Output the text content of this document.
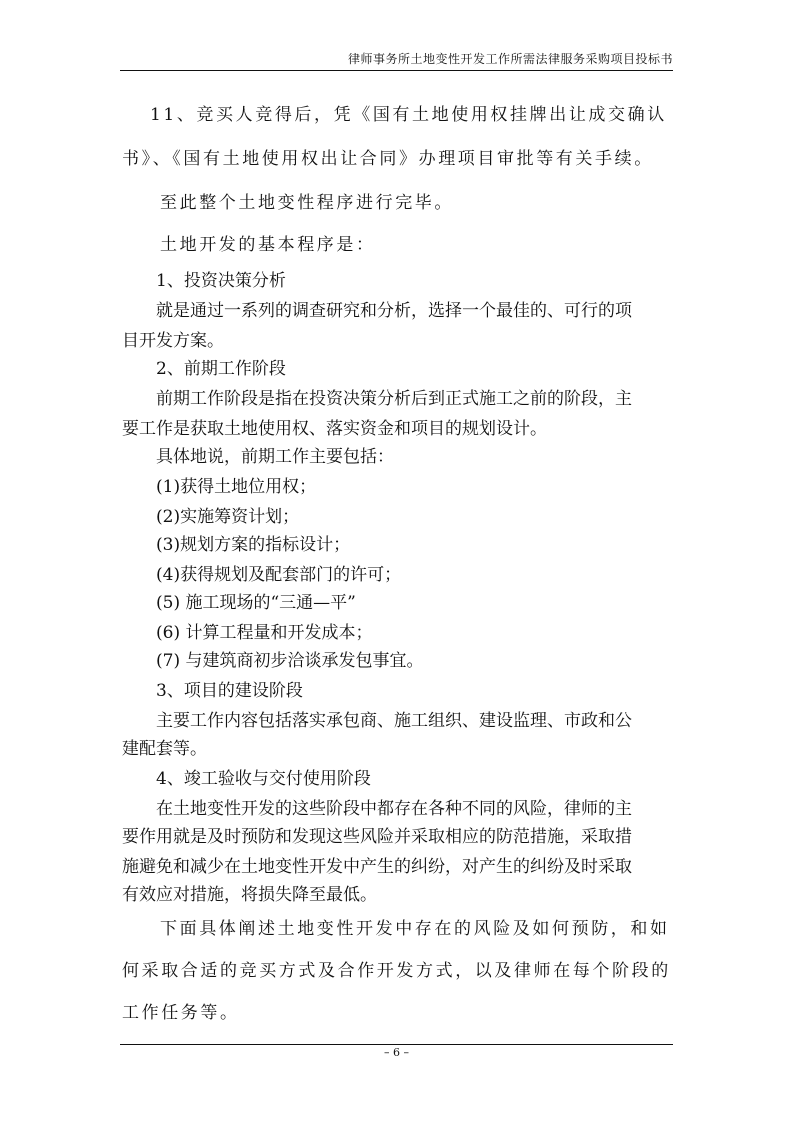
律师事务所土地变性开发工作所需法律服务采购项目投标书
11、竞买人竞得后，凭《国有土地使用权挂牌出让成交确认
书》、《国有土地使用权出让合同》办理项目审批等有关手续。
至此整个土地变性程序进行完毕。
土地开发的基本程序是：
1、投资决策分析
就是通过一系列的调查研究和分析，选择一个最佳的、可行的项
目开发方案。
2、前期工作阶段
前期工作阶段是指在投资决策分析后到正式施工之前的阶段，主
要工作是获取土地使用权、落实资金和项目的规划设计。
具体地说，前期工作主要包括：
(1)获得土地位用权；
(2)实施筹资计划；
(3)规划方案的指标设计；
(4)获得规划及配套部门的许可；
(5) 施工现场的“三通—平”
(6) 计算工程量和开发成本；
(7) 与建筑商初步洽谈承发包事宜。
3、项目的建设阶段
主要工作内容包括落实承包商、施工组织、建设监理、市政和公
建配套等。
4、竣工验收与交付使用阶段
在土地变性开发的这些阶段中都存在各种不同的风险，律师的主
要作用就是及时预防和发现这些风险并采取相应的防范措施，采取措
施避免和减少在土地变性开发中产生的纠纷，对产生的纠纷及时采取
有效应对措施，将损失降至最低。
下面具体阐述土地变性开发中存在的风险及如何预防，和如
何采取合适的竞买方式及合作开发方式，以及律师在每个阶段的
工作任务等。
– 6 –
